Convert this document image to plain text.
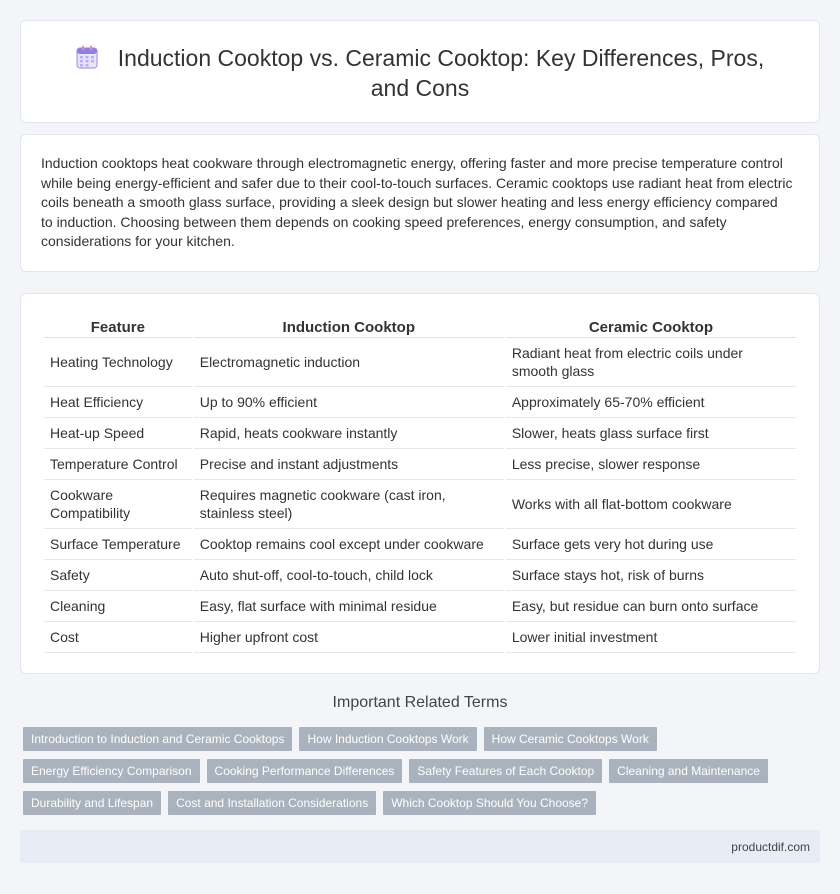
Induction Cooktop vs. Ceramic Cooktop: Key Differences, Pros, and Cons

Induction cooktops heat cookware through electromagnetic energy, offering faster and more precise temperature control while being energy-efficient and safer due to their cool-to-touch surfaces. Ceramic cooktops use radiant heat from electric coils beneath a smooth glass surface, providing a sleek design but slower heating and less energy efficiency compared to induction. Choosing between them depends on cooking speed preferences, energy consumption, and safety considerations for your kitchen.

Feature	Induction Cooktop	Ceramic Cooktop
Heating Technology	Electromagnetic induction	Radiant heat from electric coils under smooth glass
Heat Efficiency	Up to 90% efficient	Approximately 65-70% efficient
Heat-up Speed	Rapid, heats cookware instantly	Slower, heats glass surface first
Temperature Control	Precise and instant adjustments	Less precise, slower response
Cookware Compatibility	Requires magnetic cookware (cast iron, stainless steel)	Works with all flat-bottom cookware
Surface Temperature	Cooktop remains cool except under cookware	Surface gets very hot during use
Safety	Auto shut-off, cool-to-touch, child lock	Surface stays hot, risk of burns
Cleaning	Easy, flat surface with minimal residue	Easy, but residue can burn onto surface
Cost	Higher upfront cost	Lower initial investment
Important Related Terms
Introduction to Induction and Ceramic Cooktops	How Induction Cooktops Work	How Ceramic Cooktops Work
Energy Efficiency Comparison	Cooking Performance Differences	Safety Features of Each Cooktop	Cleaning and Maintenance
Durability and Lifespan	Cost and Installation Considerations	Which Cooktop Should You Choose?
productdif.com
